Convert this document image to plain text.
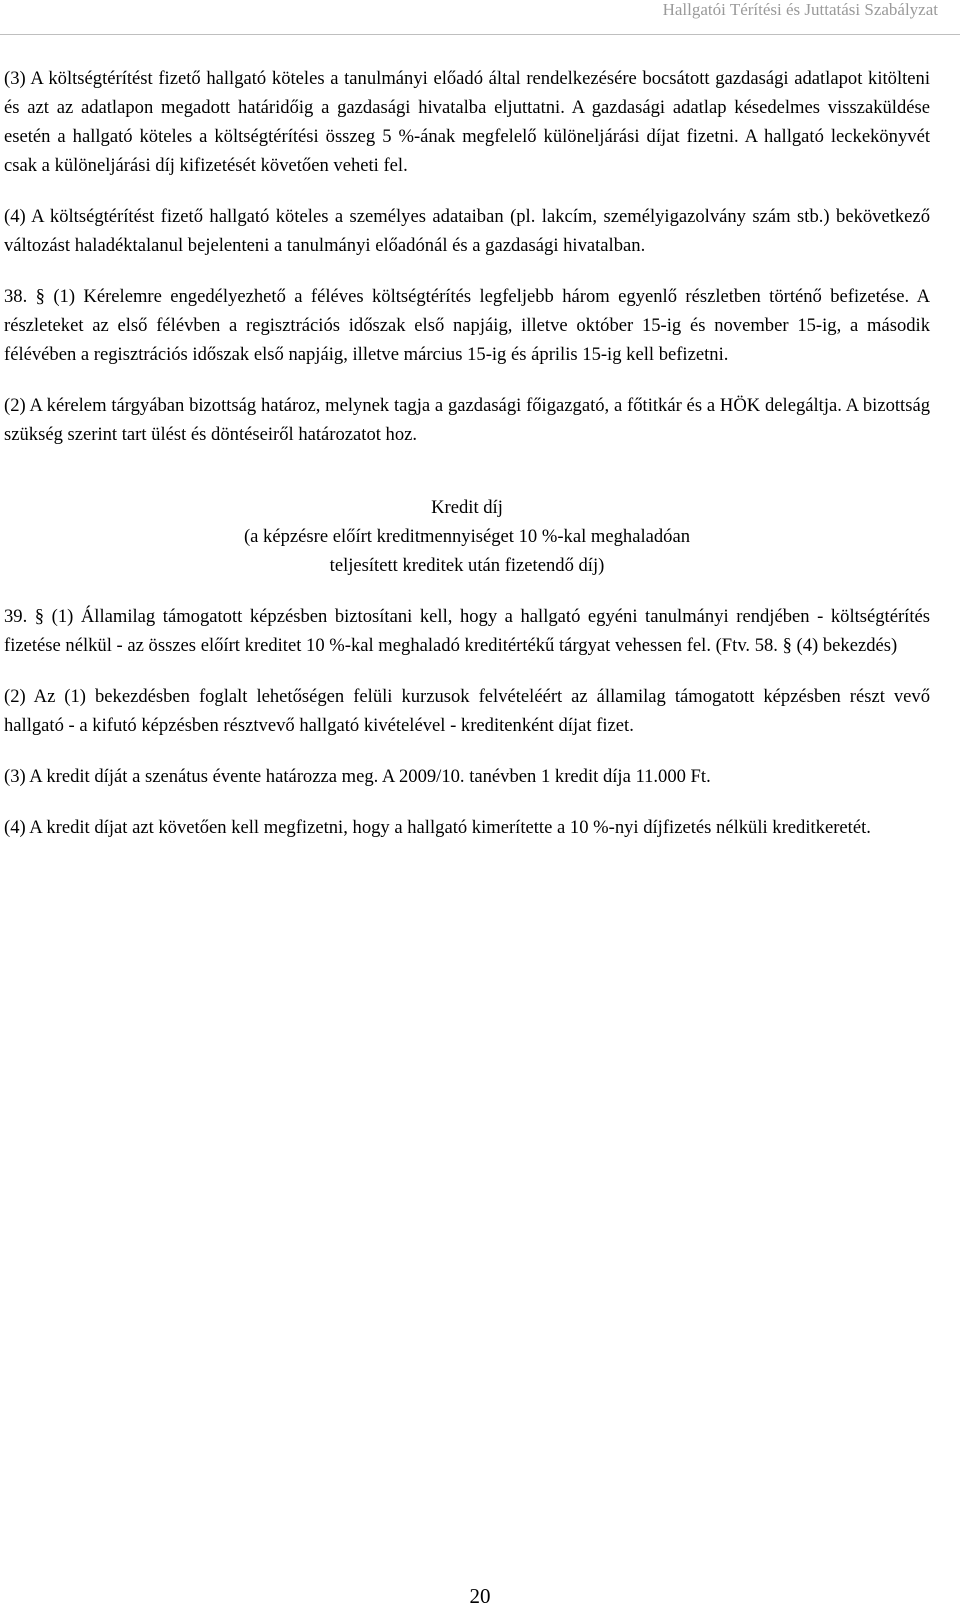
Hallgatói Térítési és Juttatási Szabályzat

(3) A költségtérítést fizető hallgató köteles a tanulmányi előadó által rendelkezésére bocsátott gazdasági adatlapot kitölteni és azt az adatlapon megadott határidőig a gazdasági hivatalba eljuttatni. A gazdasági adatlap késedelmes visszaküldése esetén a hallgató köteles a költségtérítési összeg 5 %-ának megfelelő különeljárási díjat fizetni. A hallgató leckekönyvét csak a különeljárási díj kifizetését követően veheti fel.

(4) A költségtérítést fizető hallgató köteles a személyes adataiban (pl. lakcím, személyigazolvány szám stb.) bekövetkező változást haladéktalanul bejelenteni a tanulmányi előadónál és a gazdasági hivatalban.

38. § (1) Kérelemre engedélyezhető a féléves költségtérítés legfeljebb három egyenlő részletben történő befizetése. A részleteket az első félévben a regisztrációs időszak első napjáig, illetve október 15-ig és november 15-ig, a második félévében a regisztrációs időszak első napjáig, illetve március 15-ig és április 15-ig kell befizetni.

(2) A kérelem tárgyában bizottság határoz, melynek tagja a gazdasági főigazgató, a főtitkár és a HÖK delegáltja. A bizottság szükség szerint tart ülést és döntéseiről határozatot hoz.

Kredit díj
(a képzésre előírt kreditmennyiséget 10 %-kal meghaladóan
teljesített kreditek után fizetendő díj)

39. § (1) Államilag támogatott képzésben biztosítani kell, hogy a hallgató egyéni tanulmányi rendjében - költségtérítés fizetése nélkül - az összes előírt kreditet 10 %-kal meghaladó kreditértékű tárgyat vehessen fel. (Ftv. 58. § (4) bekezdés)

(2) Az (1) bekezdésben foglalt lehetőségen felüli kurzusok felvételéért az államilag támogatott képzésben részt vevő hallgató - a kifutó képzésben résztvevő hallgató kivételével - kreditenként díjat fizet.

(3) A kredit díját a szenátus évente határozza meg. A 2009/10. tanévben 1 kredit díja 11.000 Ft.

(4) A kredit díjat azt követően kell megfizetni, hogy a hallgató kimerítette a 10 %-nyi díjfizetés nélküli kreditkeretét.

20
